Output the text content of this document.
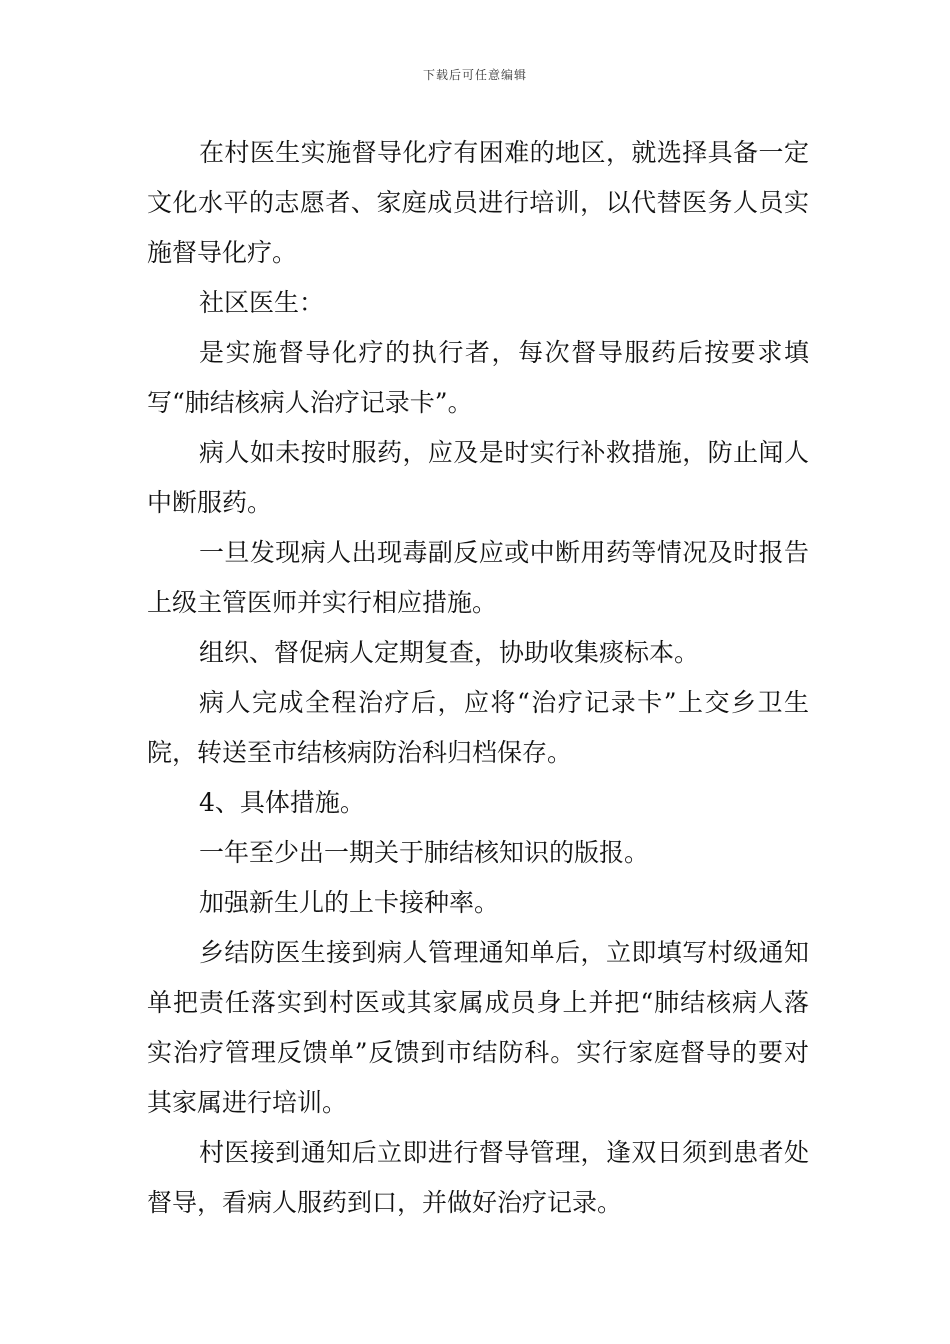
下载后可任意编辑

在村医生实施督导化疗有困难的地区，就选择具备一定文化水平的志愿者、家庭成员进行培训，以代替医务人员实施督导化疗。

社区医生：

是实施督导化疗的执行者，每次督导服药后按要求填写“肺结核病人治疗记录卡”。

病人如未按时服药，应及是时实行补救措施，防止闻人中断服药。

一旦发现病人出现毒副反应或中断用药等情况及时报告上级主管医师并实行相应措施。

组织、督促病人定期复查，协助收集痰标本。

病人完成全程治疗后，应将“治疗记录卡”上交乡卫生院，转送至市结核病防治科归档保存。

4、具体措施。

一年至少出一期关于肺结核知识的版报。

加强新生儿的上卡接种率。

乡结防医生接到病人管理通知单后，立即填写村级通知单把责任落实到村医或其家属成员身上并把“肺结核病人落实治疗管理反馈单”反馈到市结防科。实行家庭督导的要对其家属进行培训。

村医接到通知后立即进行督导管理，逢双日须到患者处督导，看病人服药到口，并做好治疗记录。
